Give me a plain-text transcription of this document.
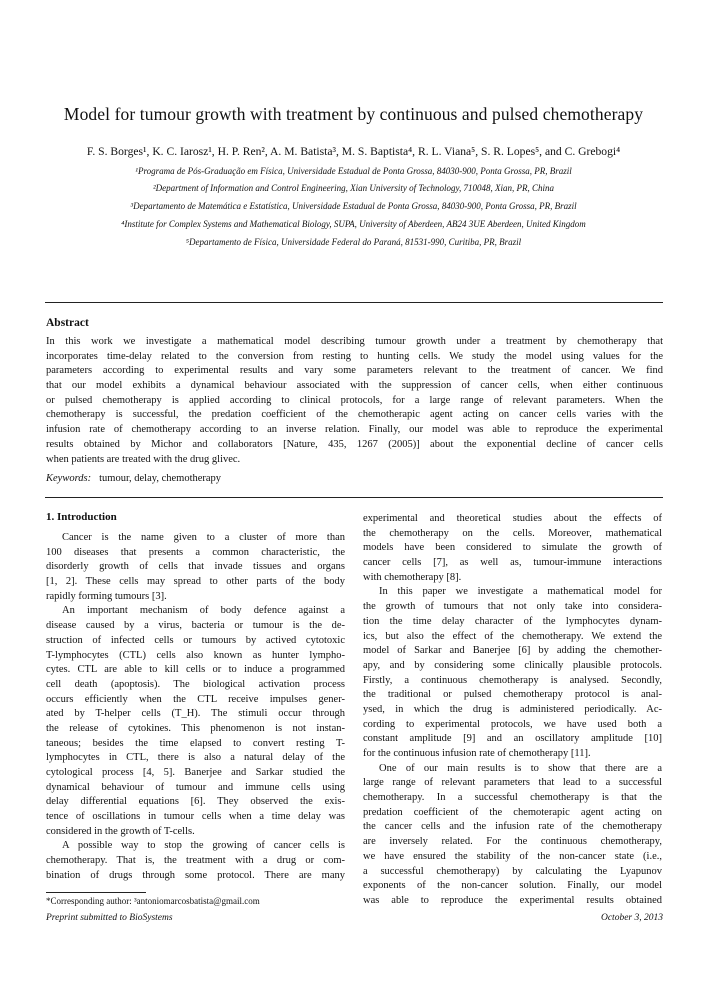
Model for tumour growth with treatment by continuous and pulsed chemotherapy
F. S. Borges¹, K. C. Iarosz¹, H. P. Ren², A. M. Batista³, M. S. Baptista⁴, R. L. Viana⁵, S. R. Lopes⁵, and C. Grebogi⁴
¹Programa de Pós-Graduação em Física, Universidade Estadual de Ponta Grossa, 84030-900, Ponta Grossa, PR, Brazil
²Department of Information and Control Engineering, Xian University of Technology, 710048, Xian, PR, China
³Departamento de Matemática e Estatística, Universidade Estadual de Ponta Grossa, 84030-900, Ponta Grossa, PR, Brazil
⁴Institute for Complex Systems and Mathematical Biology, SUPA, University of Aberdeen, AB24 3UE Aberdeen, United Kingdom
⁵Departamento de Física, Universidade Federal do Paraná, 81531-990, Curitiba, PR, Brazil
Abstract
In this work we investigate a mathematical model describing tumour growth under a treatment by chemotherapy that
incorporates time-delay related to the conversion from resting to hunting cells. We study the model using values for the
parameters according to experimental results and vary some parameters relevant to the treatment of cancer. We find
that our model exhibits a dynamical behaviour associated with the suppression of cancer cells, when either continuous
or pulsed chemotherapy is applied according to clinical protocols, for a large range of relevant parameters. When the
chemotherapy is successful, the predation coefficient of the chemotherapic agent acting on cancer cells varies with the
infusion rate of chemotherapy according to an inverse relation. Finally, our model was able to reproduce the experimental
results obtained by Michor and collaborators [Nature, 435, 1267 (2005)] about the exponential decline of cancer cells
when patients are treated with the drug glivec.
Keywords: tumour, delay, chemotherapy
1. Introduction
Cancer is the name given to a cluster of more than
100 diseases that presents a common characteristic, the
disorderly growth of cells that invade tissues and organs
[1, 2]. These cells may spread to other parts of the body
rapidly forming tumours [3].
An important mechanism of body defence against a
disease caused by a virus, bacteria or tumour is the de-
struction of infected cells or tumours by actived cytotoxic
T-lymphocytes (CTL) cells also known as hunter lympho-
cytes. CTL are able to kill cells or to induce a programmed
cell death (apoptosis). The biological activation process
occurs efficiently when the CTL receive impulses gener-
ated by T-helper cells (T_H). The stimuli occur through
the release of cytokines. This phenomenon is not instan-
taneous; besides the time elapsed to convert resting T-
lymphocytes in CTL, there is also a natural delay of the
cytological process [4, 5]. Banerjee and Sarkar studied the
dynamical behaviour of tumour and immune cells using
delay differential equations [6]. They observed the exis-
tence of oscillations in tumour cells when a time delay was
considered in the growth of T-cells.
A possible way to stop the growing of cancer cells is
chemotherapy. That is, the treatment with a drug or com-
bination of drugs through some protocol. There are many
experimental and theoretical studies about the effects of
the chemotherapy on the cells. Moreover, mathematical
models have been considered to simulate the growth of
cancer cells [7], as well as, tumour-immune interactions
with chemotherapy [8].
In this paper we investigate a mathematical model for
the growth of tumours that not only take into considera-
tion the time delay character of the lymphocytes dynam-
ics, but also the effect of the chemotherapy. We extend the
model of Sarkar and Banerjee [6] by adding the chemother-
apy, and by considering some clinically plausible protocols.
Firstly, a continuous chemotherapy is analysed. Secondly,
the traditional or pulsed chemotherapy protocol is anal-
ysed, in which the drug is administered periodically. Ac-
cording to experimental protocols, we have used both a
constant amplitude [9] and an oscillatory amplitude [10]
for the continuous infusion rate of chemotherapy [11].
One of our main results is to show that there are a
large range of relevant parameters that lead to a successful
chemotherapy. In a successful chemotherapy is that the
predation coefficient of the chemoterapic agent acting on
the cancer cells and the infusion rate of the chemotherapy
are inversely related. For the continuous chemotherapy,
we have ensured the stability of the non-cancer state (i.e.,
a successful chemotherapy) by calculating the Lyapunov
exponents of the non-cancer solution. Finally, our model
was able to reproduce the experimental results obtained
*Corresponding author: ³antoniomarcosbatista@gmail.com
Preprint submitted to BioSystems	October 3, 2013
